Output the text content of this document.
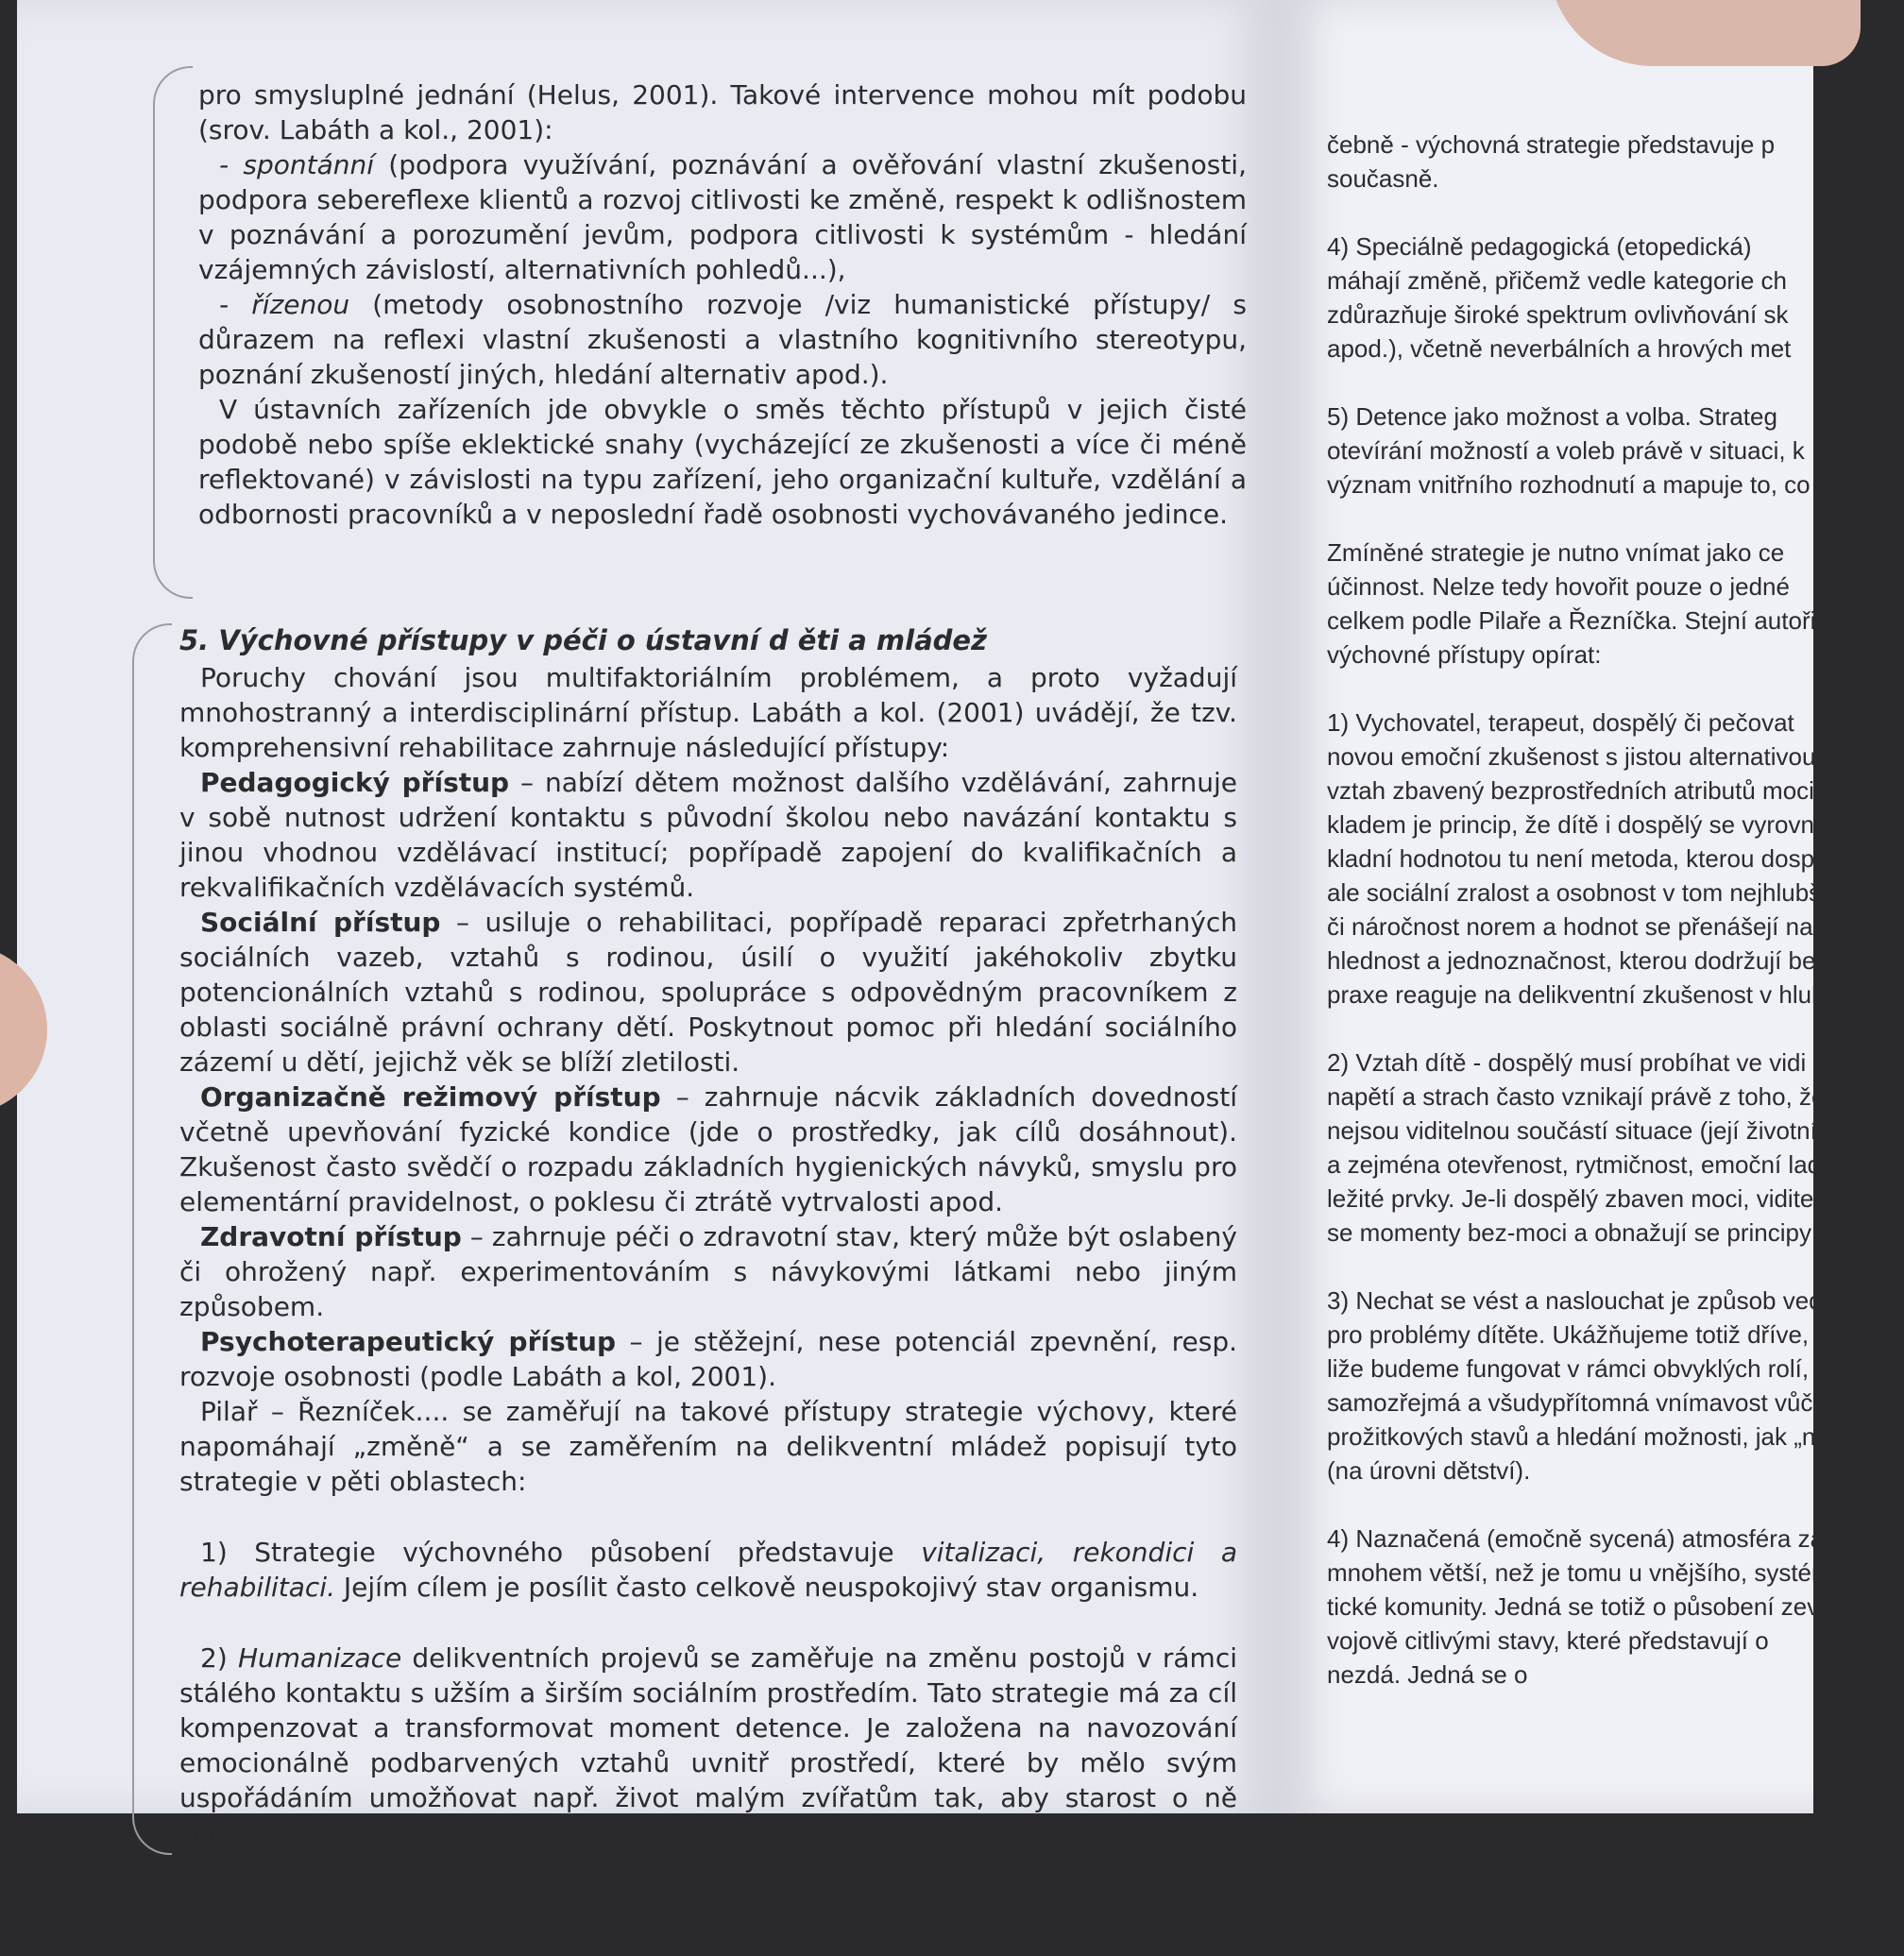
pro smysluplné jednání (Helus, 2001). Takové intervence mohou mít podobu (srov. Labáth a kol., 2001):

- spontánní (podpora využívání, poznávání a ověřování vlastní zkušenosti, podpora sebereflexe klientů a rozvoj citlivosti ke změně, respekt k odlišnostem v poznávání a porozumění jevům, podpora citlivosti k systémům - hledání vzájemných závislostí, alternativních pohledů...),

- řízenou (metody osobnostního rozvoje /viz humanistické přístupy/ s důrazem na reflexi vlastní zkušenosti a vlastního kognitivního stereotypu, poznání zkušeností jiných, hledání alternativ apod.).

V ústavních zařízeních jde obvykle o směs těchto přístupů v jejich čisté podobě nebo spíše eklektické snahy (vycházející ze zkušenosti a více či méně reflektované) v závislosti na typu zařízení, jeho organizační kultuře, vzdělání a odbornosti pracovníků a v neposlední řadě osobnosti vychovávaného jedince.

5. Výchovné přístupy v péči o ústavní d ěti a mládež

Poruchy chování jsou multifaktoriálním problémem, a proto vyžadují mnohostranný a interdisciplinární přístup. Labáth a kol. (2001) uvádějí, že tzv. komprehensivní rehabilitace zahrnuje následující přístupy:

Pedagogický přístup – nabízí dětem možnost dalšího vzdělávání, zahrnuje v sobě nutnost udržení kontaktu s původní školou nebo navázání kontaktu s jinou vhodnou vzdělávací institucí; popřípadě zapojení do kvalifikačních a rekvalifikačních vzdělávacích systémů.

Sociální přístup – usiluje o rehabilitaci, popřípadě reparaci zpřetrhaných sociálních vazeb, vztahů s rodinou, úsilí o využití jakéhokoliv zbytku potencionálních vztahů s rodinou, spolupráce s odpovědným pracovníkem z oblasti sociálně právní ochrany dětí. Poskytnout pomoc při hledání sociálního zázemí u dětí, jejichž věk se blíží zletilosti.

Organizačně režimový přístup – zahrnuje nácvik základních dovedností včetně upevňování fyzické kondice (jde o prostředky, jak cílů dosáhnout). Zkušenost často svědčí o rozpadu základních hygienických návyků, smyslu pro elementární pravidelnost, o poklesu či ztrátě vytrvalosti apod.

Zdravotní přístup – zahrnuje péči o zdravotní stav, který může být oslabený či ohrožený např. experimentováním s návykovými látkami nebo jiným způsobem.

Psychoterapeutický přístup – je stěžejní, nese potenciál zpevnění, resp. rozvoje osobnosti (podle Labáth a kol, 2001).

Pilař – Řezníček.... se zaměřují na takové přístupy strategie výchovy, které napomáhají „změně“ a se zaměřením na delikventní mládež popisují tyto strategie v pěti oblastech:

1) Strategie výchovného působení představuje vitalizaci, rekondici a rehabilitaci. Jejím cílem je posílit často celkově neuspokojivý stav organismu.

2) Humanizace delikventních projevů se zaměřuje na změnu postojů v rámci stálého kontaktu s užším a širším sociálním prostředím. Tato strategie má za cíl kompenzovat a transformovat moment detence. Je založena na navozování emocionálně podbarvených vztahů uvnitř prostředí, které by mělo svým uspořádáním umožňovat např. život malým zvířatům tak, aby starost o ně napomohla emocionálnímu přeladění vůči dospělým (atd.).

3) Léčebně výchovná strategie se snaží o propojení několika oborů s cílem léčit, když je

čebně - výchovná strategie představuje p

současně.

4) Speciálně pedagogická (etopedická)

máhají změně, přičemž vedle kategorie ch

zdůrazňuje široké spektrum ovlivňování sk

apod.), včetně neverbálních a hrových met

5) Detence jako možnost a volba. Strateg

otevírání možností a voleb právě v situaci, k

význam vnitřního rozhodnutí a mapuje to, co

Zmíněné strategie je nutno vnímat jako ce

účinnost. Nelze tedy hovořit pouze o jedné

celkem podle Pilaře a Řezníčka. Stejní autoři

výchovné přístupy opírat:

1) Vychovatel, terapeut, dospělý či pečovat

novou emoční zkušenost s jistou alternativou

vztah zbavený bezprostředních atributů moci a

kladem je princip, že dítě i dospělý se vyrovnáv

kladní hodnotou tu není metoda, kterou dospě

ale sociální zralost a osobnost v tom nejhlubším

či náročnost norem a hodnot se přenášejí na ce

hlednost a jednoznačnost, kterou dodržují bez

praxe reaguje na delikventní zkušenost v hlubší

2) Vztah dítě - dospělý musí probíhat ve vidi

napětí a strach často vznikají právě z toho, že do

nejsou viditelnou součástí situace (její životní situ

a zejména otevřenost, rytmičnost, emoční ladění

ležité prvky. Je-li dospělý zbaven moci, viditelných

se momenty bez-moci a obnažují se principy skut

3) Nechat se vést a naslouchat je způsob veden

pro problémy dítěte. Ukážňujeme totiž dříve, než

liže budeme fungovat v rámci obvyklých rolí, nev

samozřejmá a všudypřítomná vnímavost vůči diskr

prožitkových stavů a hledání možnosti, jak „nevytvo

(na úrovni dětství).

4) Naznačená (emočně sycená) atmosféra zach

mnohem větší, než je tomu u vnějšího, systému ukáz

tické komunity. Jedná se totiž o působení zevnitř, kt

vojově citlivými stavy, které představují o

nezdá. Jedná se o
